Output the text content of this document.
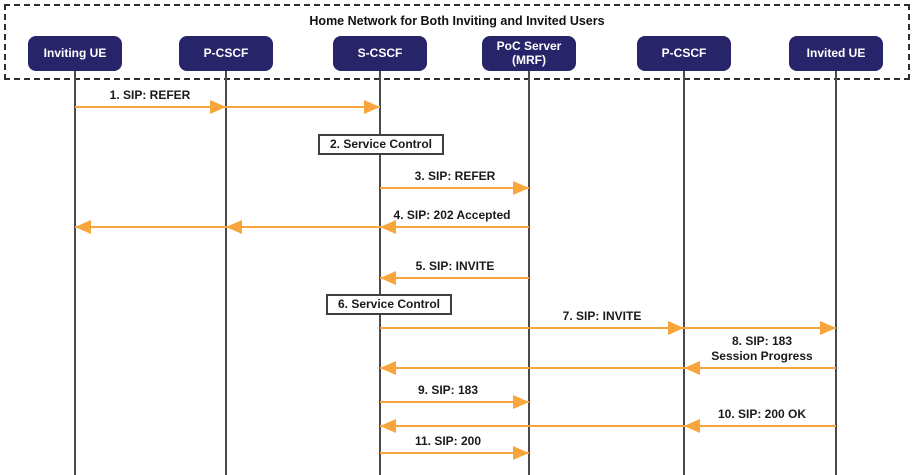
Home Network for Both Inviting and Invited Users
Inviting UE	P-CSCF	S-CSCF	PoC Server
(MRF)	P-CSCF	Invited UE
1. SIP: REFER
3. SIP: REFER
4. SIP: 202 Accepted
5. SIP: INVITE
7. SIP: INVITE
8. SIP: 183
Session Progress
9. SIP: 183
10. SIP: 200 OK
11. SIP: 200
2. Service Control
6. Service Control
